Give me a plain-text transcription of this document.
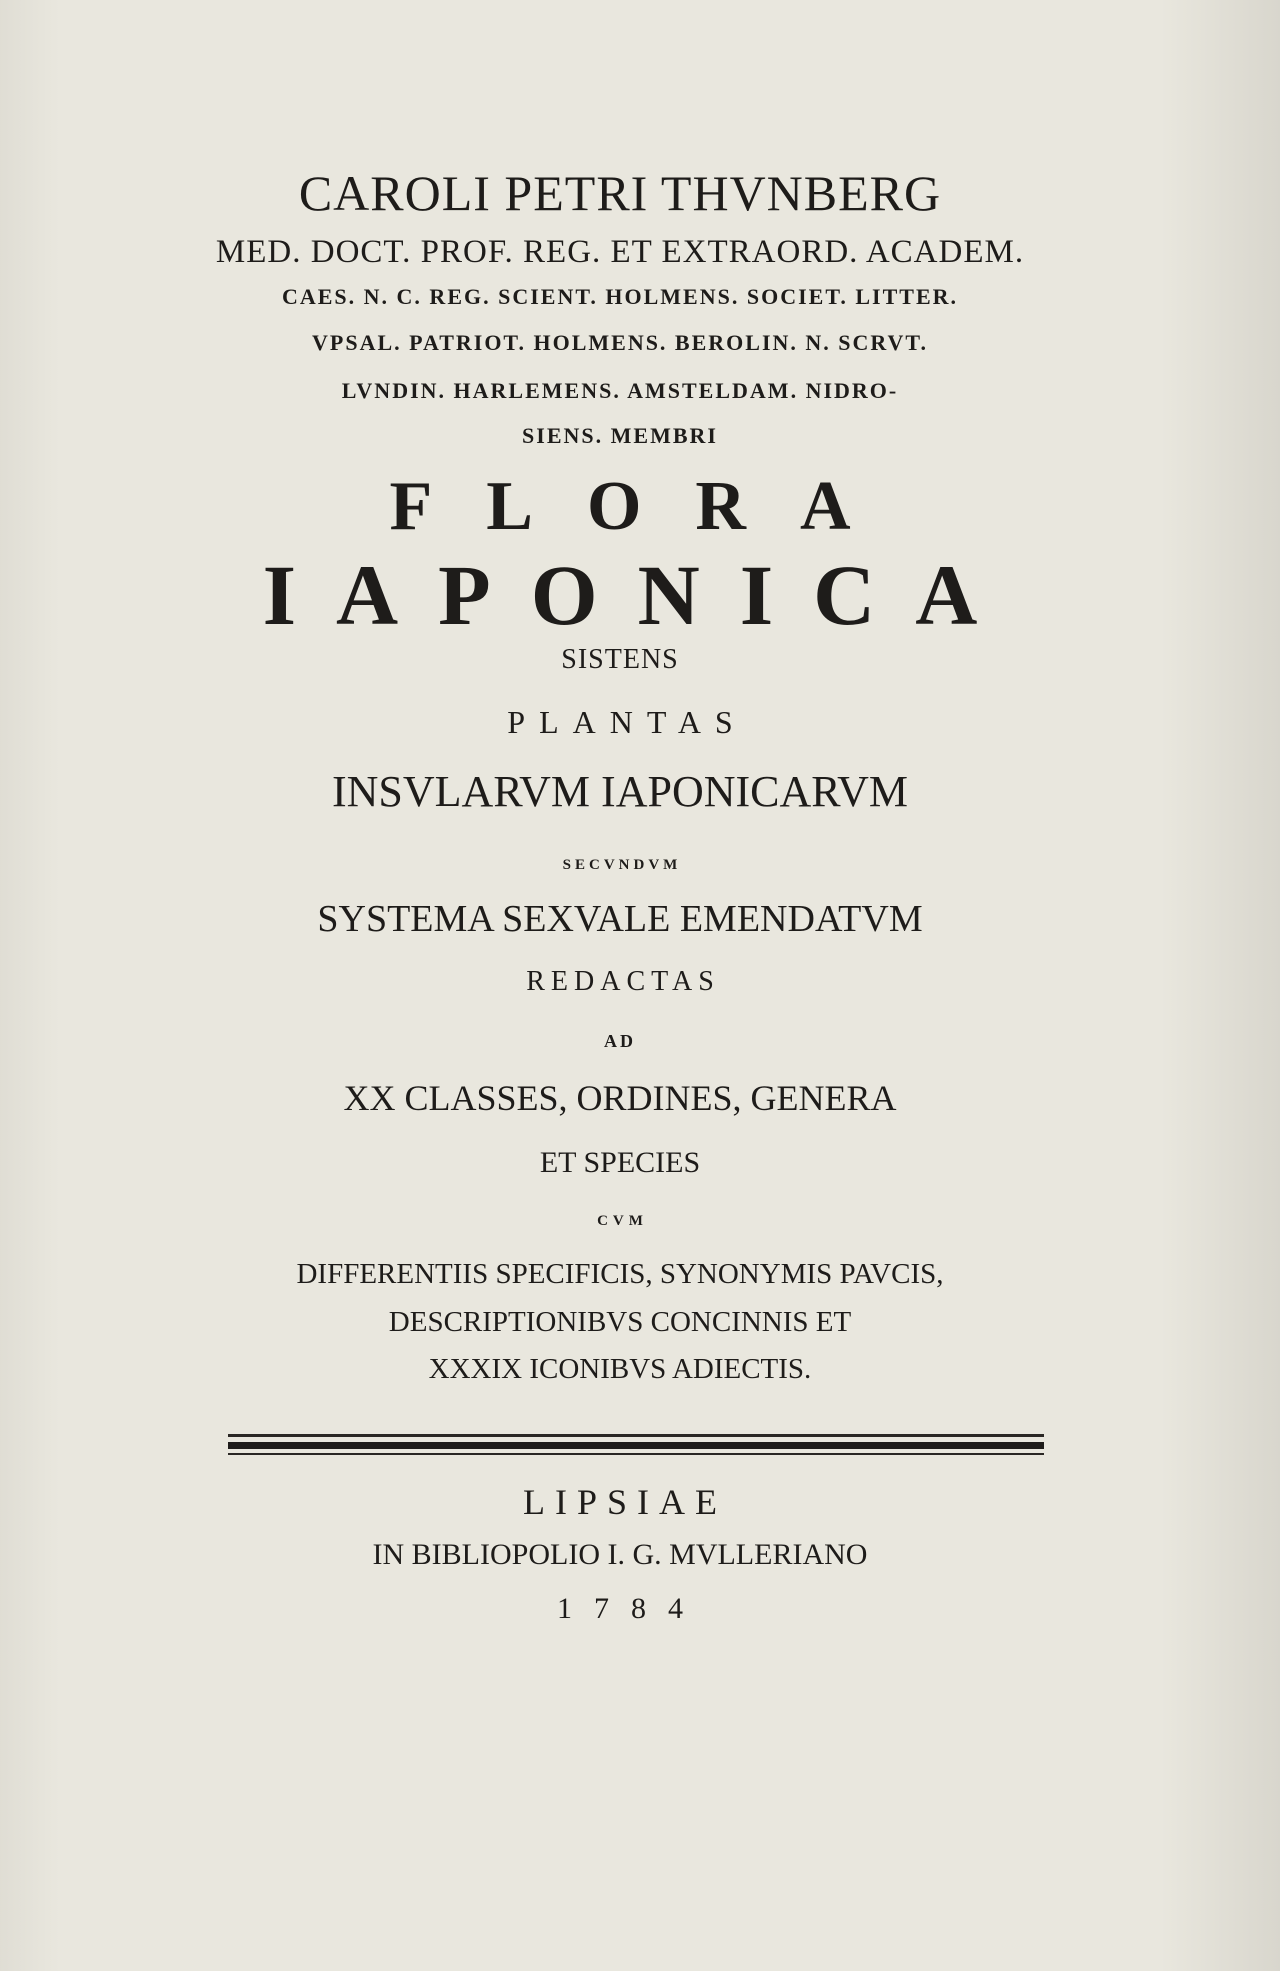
CAROLI PETRI THVNBERG
MED. DOCT. PROF. REG. ET EXTRAORD. ACADEM.
CAES. N. C. REG. SCIENT. HOLMENS. SOCIET. LITTER.
VPSAL. PATRIOT. HOLMENS. BEROLIN. N. SCRVT.
LVNDIN. HARLEMENS. AMSTELDAM. NIDRO-
SIENS. MEMBRI
FLORA
IAPONICA
SISTENS
PLANTAS
INSVLARVM IAPONICARVM
SECVNDVM
SYSTEMA SEXVALE EMENDATVM
REDACTAS
AD
XX CLASSES, ORDINES, GENERA
ET SPECIES
CVM
DIFFERENTIIS SPECIFICIS, SYNONYMIS PAVCIS,
DESCRIPTIONIBVS CONCINNIS ET
XXXIX ICONIBVS ADIECTIS.
LIPSIAE
IN BIBLIOPOLIO I. G. MVLLERIANO
1784
